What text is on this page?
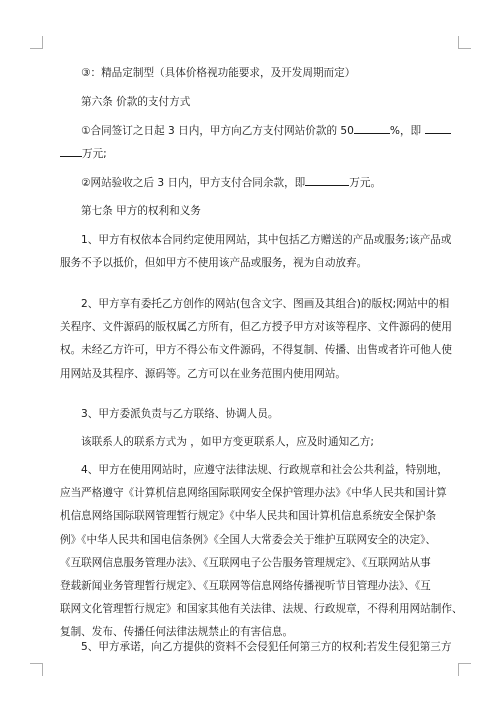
③：精品定制型（具体价格视功能要求，及开发周期而定）

第六条 价款的支付方式

①合同签订之日起 3 日内，甲方向乙方支付网站价款的 50	%，即
万元;
②网站验收之后 3 日内，甲方支付合同余款，即	万元。

第七条 甲方的权利和义务

1、甲方有权依本合同约定使用网站，其中包括乙方赠送的产品或服务;该产品或
服务不予以抵价，但如甲方不使用该产品或服务，视为自动放弃。
2、甲方享有委托乙方创作的网站(包含文字、图画及其组合)的版权;网站中的相
关程序、文件源码的版权属乙方所有，但乙方授予甲方对该等程序、文件源码的使用
权。未经乙方许可，甲方不得公布文件源码，不得复制、传播、出售或者许可他人使
用网站及其程序、源码等。乙方可以在业务范围内使用网站。

3、甲方委派负责与乙方联络、协调人员。

该联系人的联系方式为 ，如甲方变更联系人，应及时通知乙方;

4、甲方在使用网站时，应遵守法律法规、行政规章和社会公共利益，特别地，
应当严格遵守《计算机信息网络国际联网安全保护管理办法》《中华人民共和国计算
机信息网络国际联网管理暂行规定》《中华人民共和国计算机信息系统安全保护条
例》《中华人民共和国电信条例》《全国人大常委会关于维护互联网安全的决定》、
《互联网信息服务管理办法》、《互联网电子公告服务管理规定》、《互联网站从事
登载新闻业务管理暂行规定》、《互联网等信息网络传播视听节目管理办法》、《互
联网文化管理暂行规定》和国家其他有关法律、法规、行政规章，不得利用网站制作、
复制、发布、传播任何法律法规禁止的有害信息。

5、甲方承诺，向乙方提供的资料不会侵犯任何第三方的权利;若发生侵犯第三方
